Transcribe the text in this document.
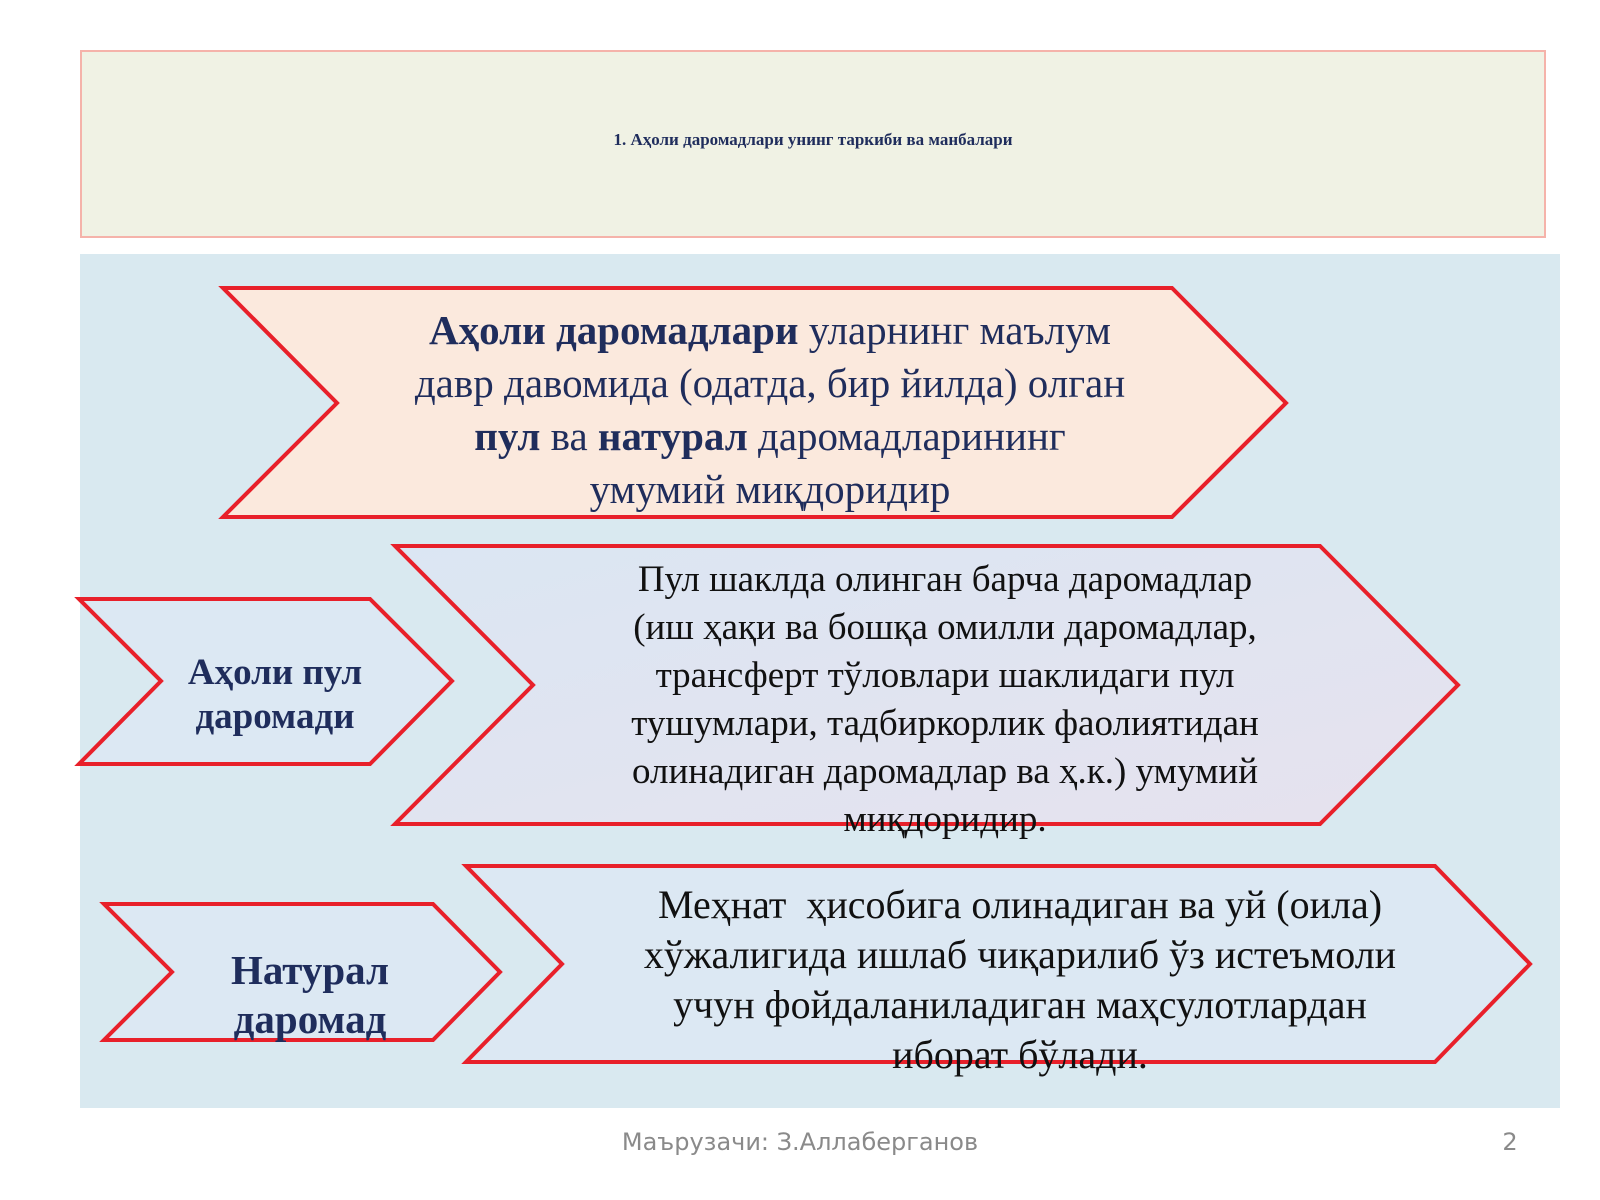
1. Аҳоли даромадлари унинг таркиби ва манбалари
Аҳоли даромадлари уларнинг маълум
давр давомида (одатда, бир йилда) олган
пул ва натурал даромадларининг
умумий миқдоридир
Аҳоли пул
даромади
Пул шаклда олинган барча даромадлар
(иш ҳақи ва бошқа омилли даромадлар,
трансферт тўловлари шаклидаги пул
тушумлари, тадбиркорлик фаолиятидан
олинадиган даромадлар ва ҳ.к.) умумий
миқдоридир.
Натурал
даромад
Меҳнат  ҳисобига олинадиган ва уй (оила)
хўжалигида ишлаб чиқарилиб ўз истеъмоли
учун фойдаланиладиган маҳсулотлардан
иборат бўлади.
Маърузачи: З.Аллаберганов	2
